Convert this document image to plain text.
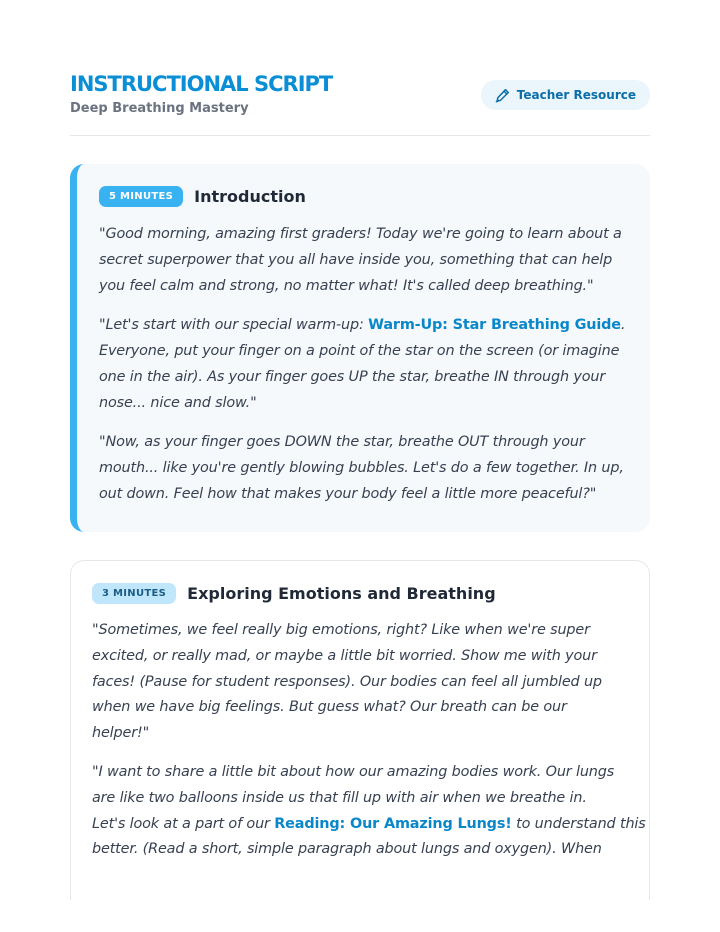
INSTRUCTIONAL SCRIPT
Deep Breathing Mastery
Teacher Resource
5 MINUTES	Introduction

"Good morning, amazing first graders! Today we're going to learn about a
secret superpower that you all have inside you, something that can help
you feel calm and strong, no matter what! It's called deep breathing."

"Let's start with our special warm-up: Warm-Up: Star Breathing Guide.
Everyone, put your finger on a point of the star on the screen (or imagine
one in the air). As your finger goes UP the star, breathe IN through your
nose... nice and slow."

"Now, as your finger goes DOWN the star, breathe OUT through your
mouth... like you're gently blowing bubbles. Let's do a few together. In up,
out down. Feel how that makes your body feel a little more peaceful?"

3 MINUTES	Exploring Emotions and Breathing

"Sometimes, we feel really big emotions, right? Like when we're super
excited, or really mad, or maybe a little bit worried. Show me with your
faces! (Pause for student responses). Our bodies can feel all jumbled up
when we have big feelings. But guess what? Our breath can be our
helper!"

"I want to share a little bit about how our amazing bodies work. Our lungs
are like two balloons inside us that fill up with air when we breathe in.
Let's look at a part of our Reading: Our Amazing Lungs! to understand this
better. (Read a short, simple paragraph about lungs and oxygen). When
